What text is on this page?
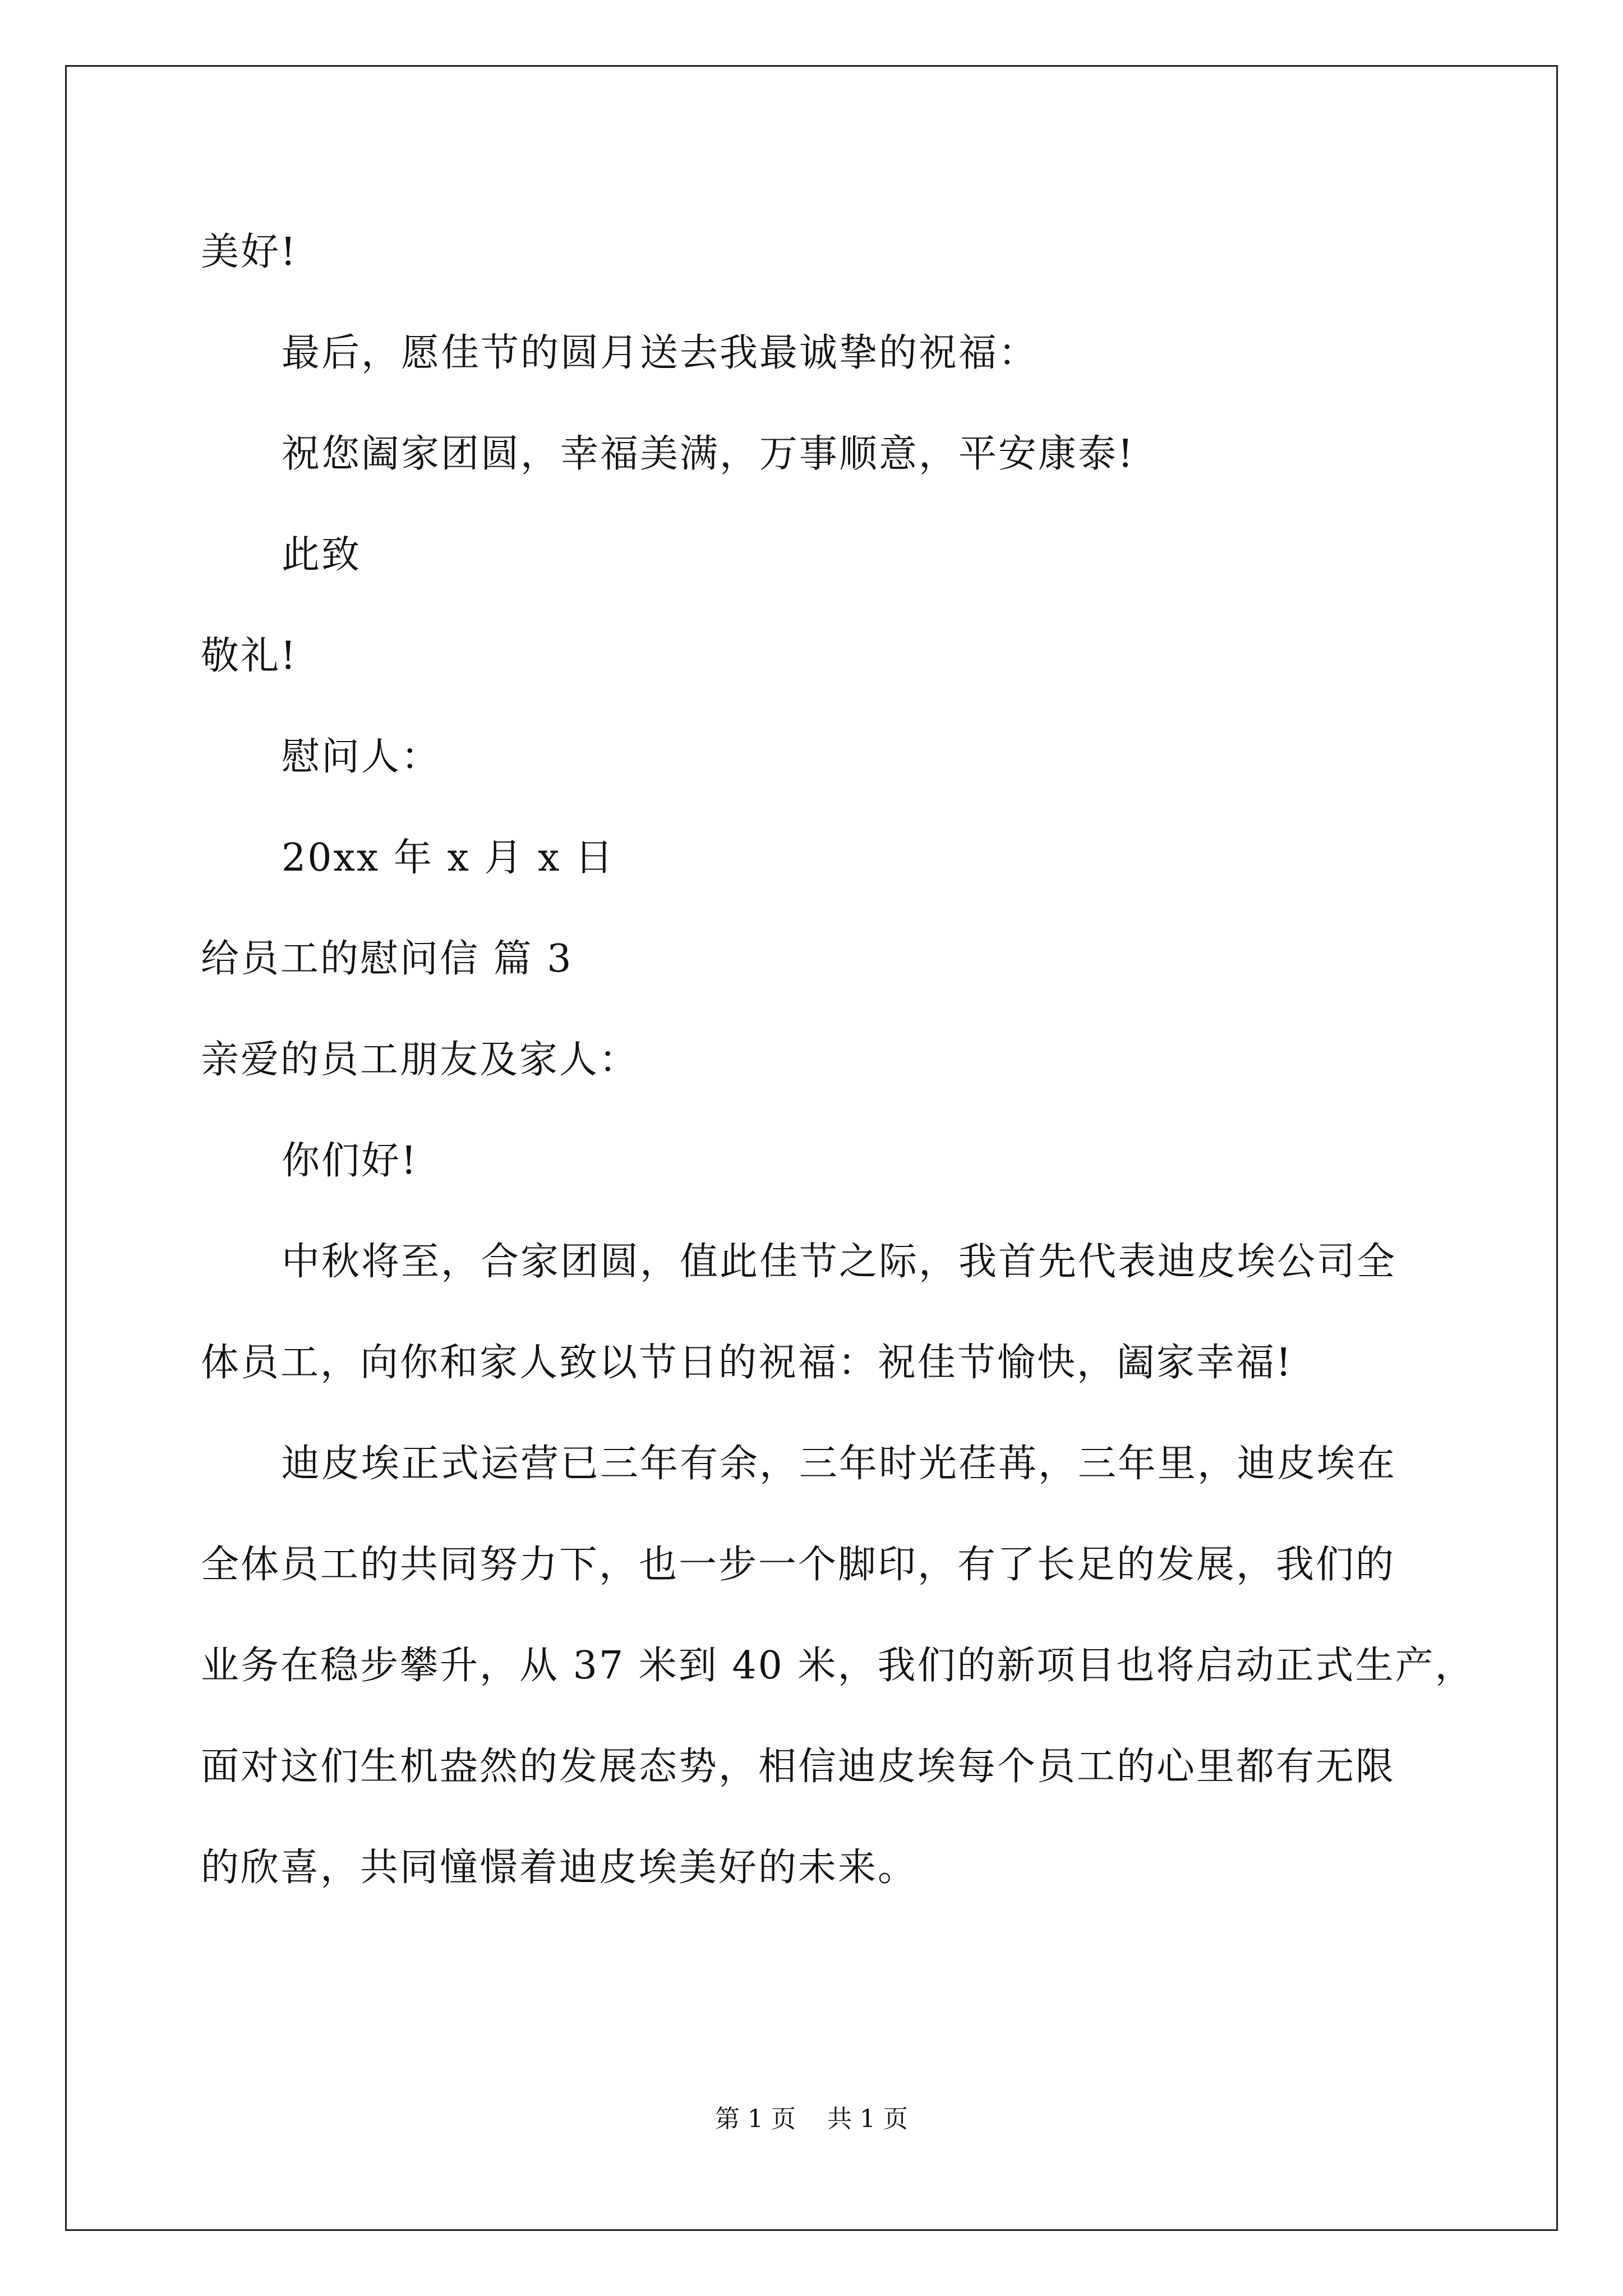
美好!

最后，愿佳节的圆月送去我最诚挚的祝福：

祝您阖家团圆，幸福美满，万事顺意，平安康泰!

此致

敬礼!

慰问人：

20xx 年 x 月 x 日

给员工的慰问信 篇 3

亲爱的员工朋友及家人：

你们好!

中秋将至，合家团圆，值此佳节之际，我首先代表迪皮埃公司全

体员工，向你和家人致以节日的祝福：祝佳节愉快，阖家幸福!

迪皮埃正式运营已三年有余，三年时光荏苒，三年里，迪皮埃在

全体员工的共同努力下，也一步一个脚印，有了长足的发展，我们的

业务在稳步攀升，从 37 米到 40 米，我们的新项目也将启动正式生产，

面对这们生机盎然的发展态势，相信迪皮埃每个员工的心里都有无限

的欣喜，共同憧憬着迪皮埃美好的未来。

第 1 页    共 1 页
